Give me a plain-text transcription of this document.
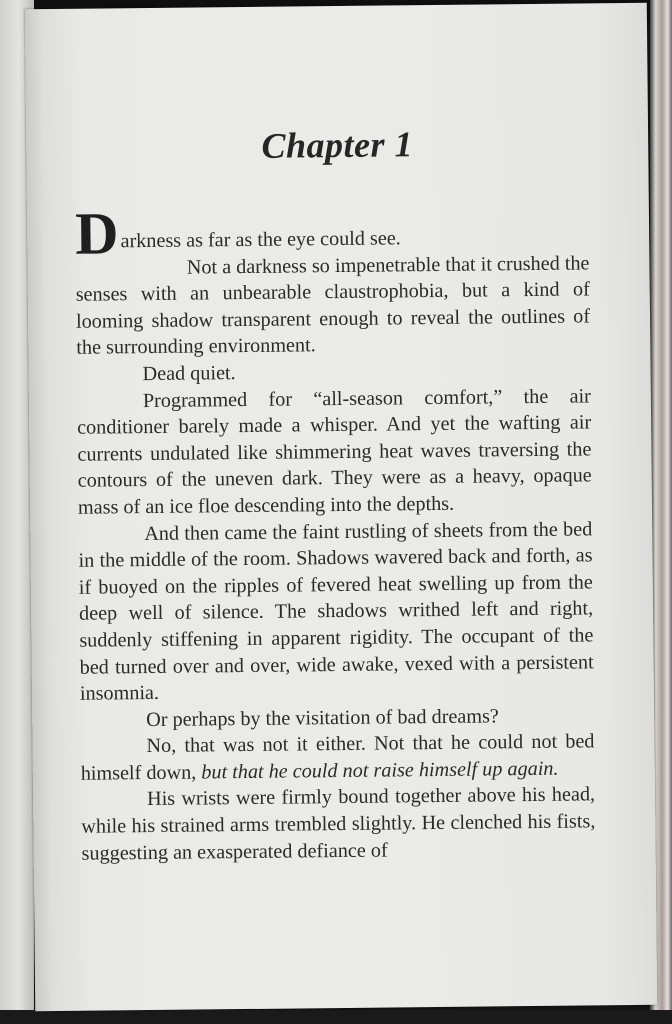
Chapter 1

D arkness as far as the eye could see.

Not a darkness so impenetrable that it crushed the senses with an unbearable claustrophobia, but a kind of looming shadow transparent enough to reveal the outlines of the surrounding environment.

Dead quiet.

Programmed for “all-season comfort,” the air conditioner barely made a whisper. And yet the wafting air currents undulated like shimmering heat waves traversing the contours of the uneven dark. They were as a heavy, opaque mass of an ice floe descending into the depths.

And then came the faint rustling of sheets from the bed in the middle of the room. Shadows wavered back and forth, as if buoyed on the ripples of fevered heat swelling up from the deep well of silence. The shadows writhed left and right, suddenly stiffening in apparent rigidity. The occupant of the bed turned over and over, wide awake, vexed with a persistent insomnia.

Or perhaps by the visitation of bad dreams?

No, that was not it either. Not that he could not bed himself down, but that he could not raise himself up again.

His wrists were firmly bound together above his head, while his strained arms trembled slightly. He clenched his fists, suggesting an exasperated defiance of
